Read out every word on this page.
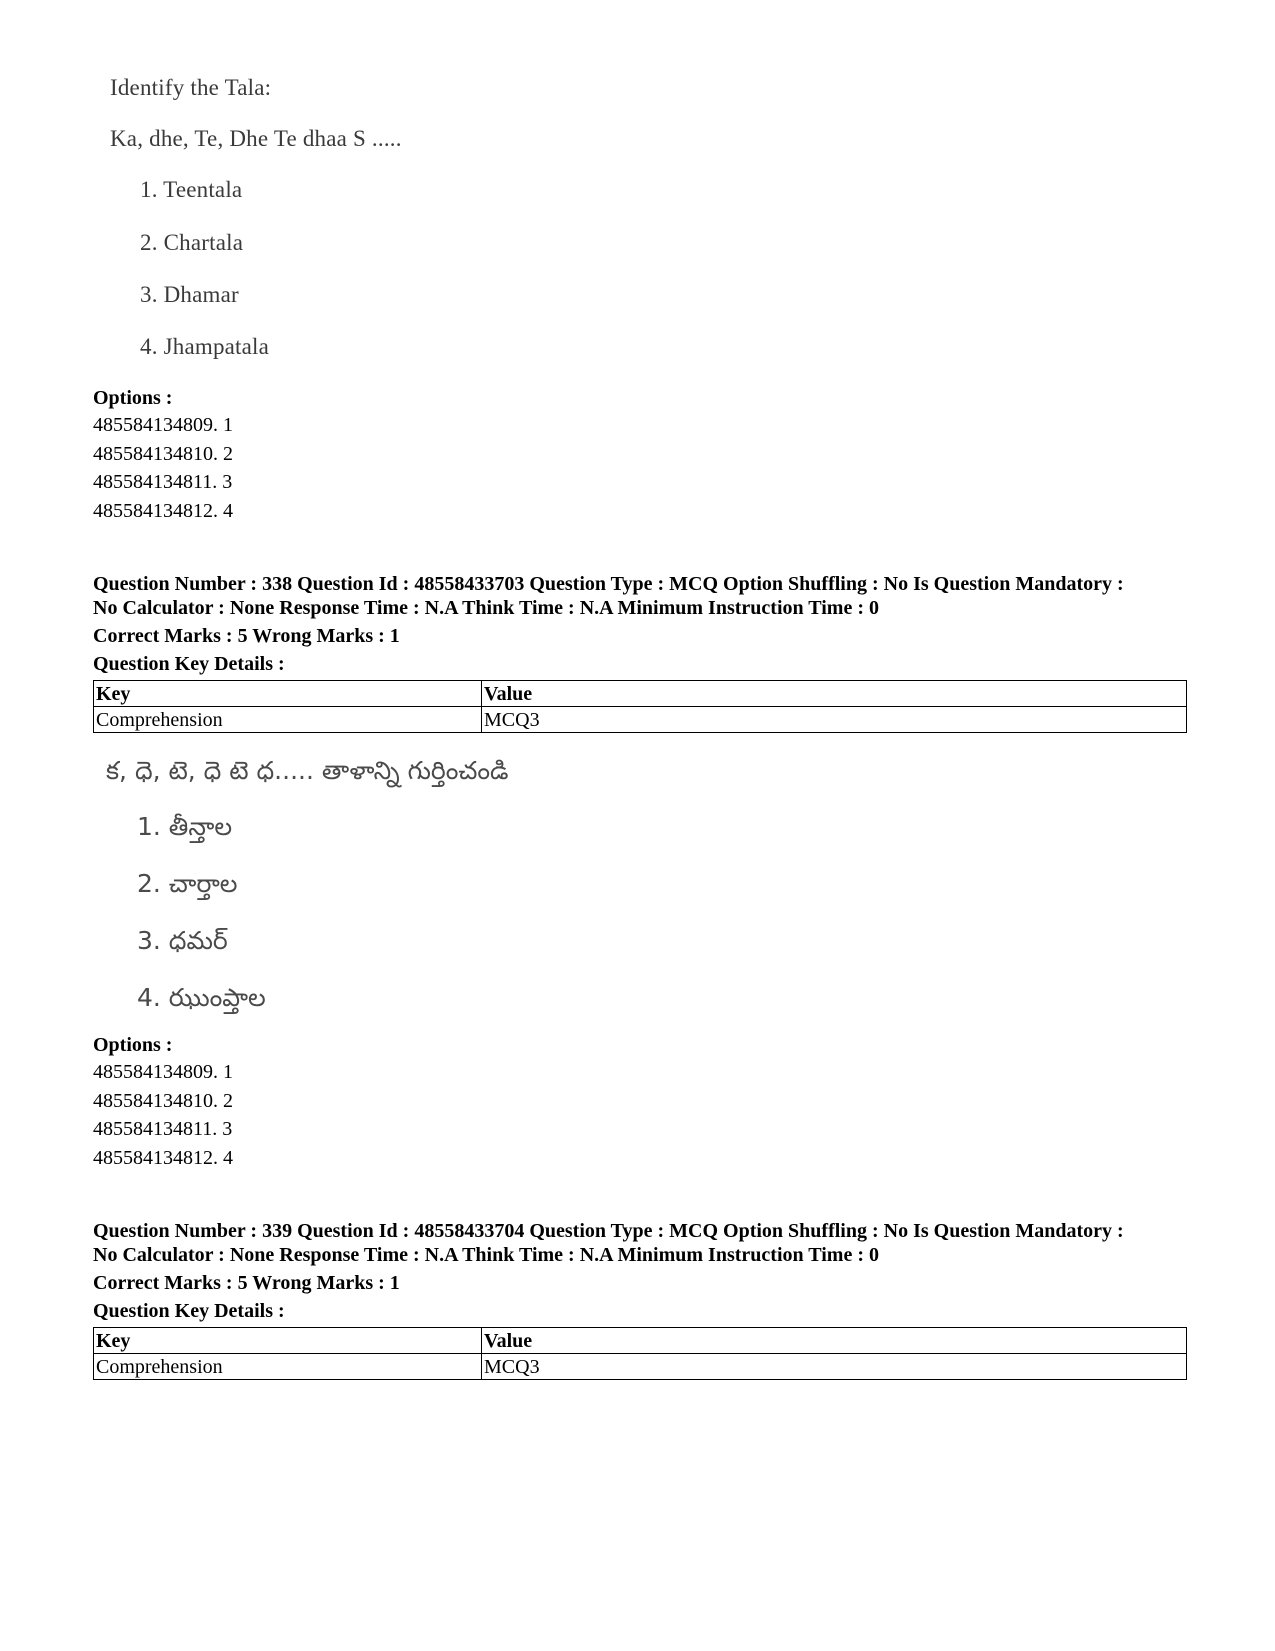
Identify the Tala:
Ka, dhe, Te, Dhe Te dhaa S .....
1. Teentala
2. Chartala
3. Dhamar
4. Jhampatala
Options :
485584134809. 1
485584134810. 2
485584134811. 3
485584134812. 4
Question Number : 338 Question Id : 48558433703 Question Type : MCQ Option Shuffling : No Is Question Mandatory :
No Calculator : None Response Time : N.A Think Time : N.A Minimum Instruction Time : 0
Correct Marks : 5 Wrong Marks : 1
Question Key Details :
Key	Value
Comprehension	MCQ3
క, ధె, టె, ధె టె ధ..... తాళాన్ని గుర్తించండి
1. తీన్తాల
2. చార్తాల
3. ధమర్
4. ఝుంప్తాల
Options :
485584134809. 1
485584134810. 2
485584134811. 3
485584134812. 4
Question Number : 339 Question Id : 48558433704 Question Type : MCQ Option Shuffling : No Is Question Mandatory :
No Calculator : None Response Time : N.A Think Time : N.A Minimum Instruction Time : 0
Correct Marks : 5 Wrong Marks : 1
Question Key Details :
Key	Value
Comprehension	MCQ3
